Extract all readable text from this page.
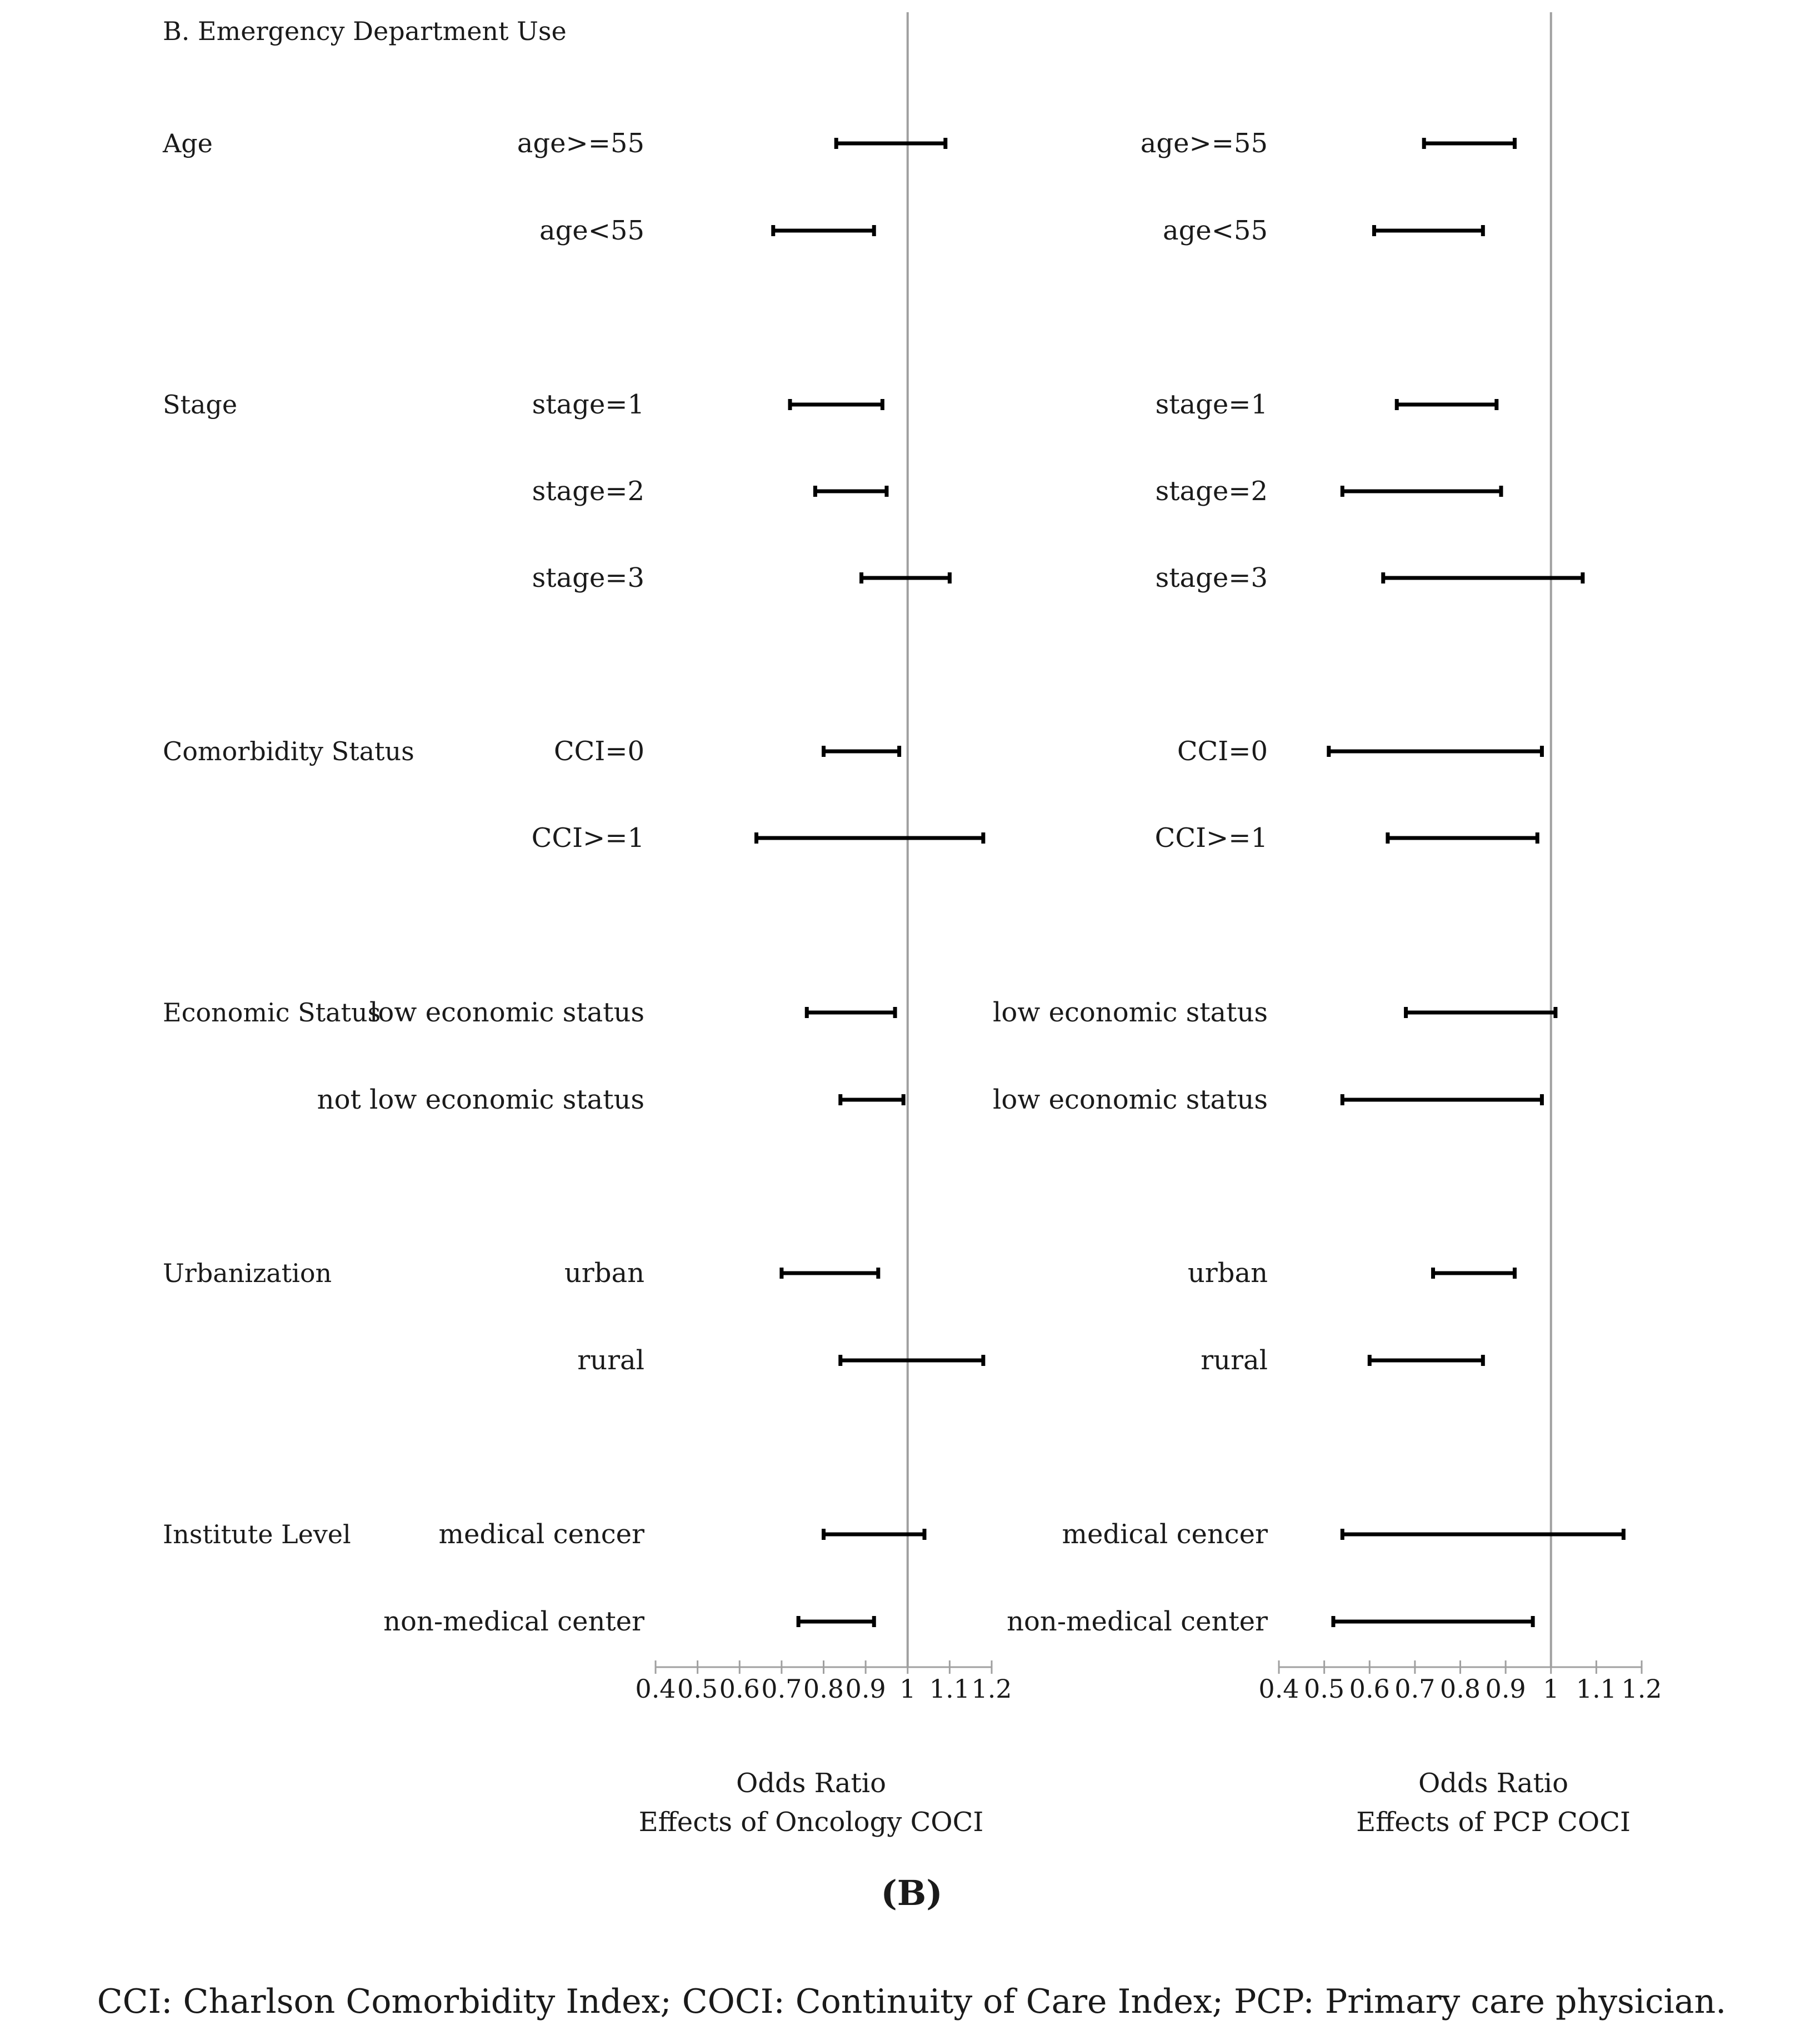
B. Emergency Department Use
Age
Stage
Comorbidity Status
Economic Status
Urbanization
Institute Level
0.4 0.5 0.6 0.7 0.8 0.9 1 1.1 1.2
Odds Ratio
Effects of Oncology COCI
age>=55
age<55
stage=1
stage=2
stage=3
CCI=0
CCI>=1
low economic status
not low economic status
urban
rural
medical cencer
non-medical center
0.4 0.5 0.6 0.7 0.8 0.9 1 1.1 1.2
Odds Ratio
Effects of PCP COCI
age>=55
age<55
stage=1
stage=2
stage=3
CCI=0
CCI>=1
low economic status
low economic status
urban
rural
medical cencer
non-medical center
(B)
CCI: Charlson Comorbidity Index; COCI: Continuity of Care Index; PCP: Primary care physician.
